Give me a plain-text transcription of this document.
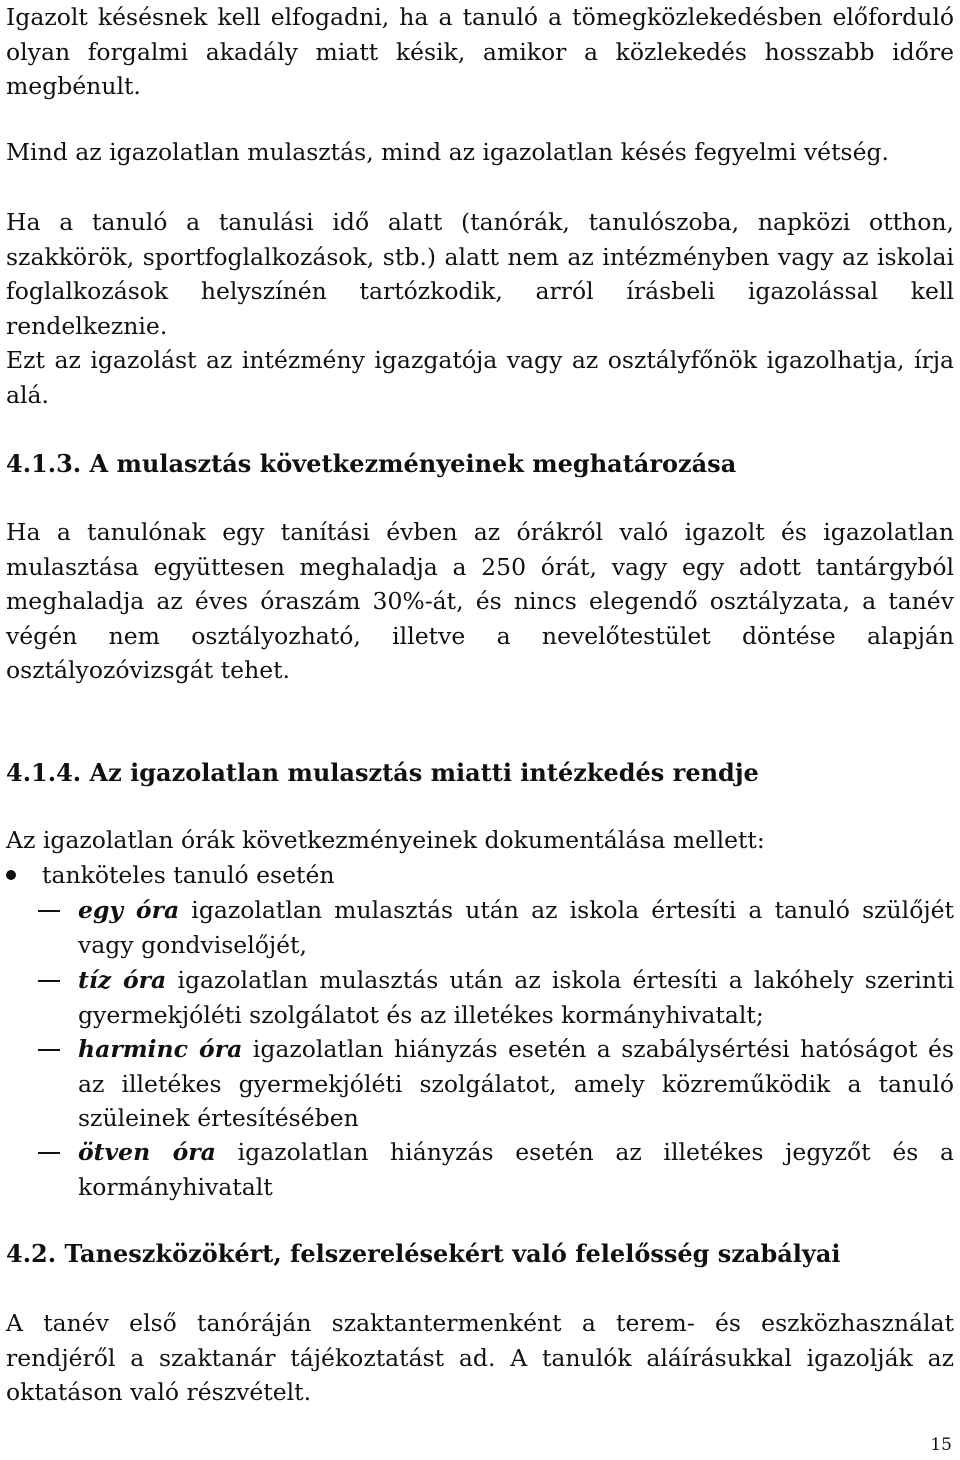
Igazolt késésnek kell elfogadni, ha a tanuló a tömegközlekedésben előforduló olyan forgalmi akadály miatt késik, amikor a közlekedés hosszabb időre megbénult.

Mind az igazolatlan mulasztás, mind az igazolatlan késés fegyelmi vétség.

Ha a tanuló a tanulási idő alatt (tanórák, tanulószoba, napközi otthon, szakkörök, sportfoglalkozások, stb.) alatt nem az intézményben vagy az iskolai foglalkozások helyszínén tartózkodik, arról írásbeli igazolással kell rendelkeznie.

Ezt az igazolást az intézmény igazgatója vagy az osztályfőnök igazolhatja, írja alá.

4.1.3. A mulasztás következményeinek meghatározása

Ha a tanulónak egy tanítási évben az órákról való igazolt és igazolatlan mulasztása együttesen meghaladja a 250 órát, vagy egy adott tantárgyból meghaladja az éves óraszám 30%-át, és nincs elegendő osztályzata, a tanév végén nem osztályozható, illetve a nevelőtestület döntése alapján osztályozóvizsgát tehet.

4.1.4. Az igazolatlan mulasztás miatti intézkedés rendje

Az igazolatlan órák következményeinek dokumentálása mellett:

tanköteles tanuló esetén
egy óra igazolatlan mulasztás után az iskola értesíti a tanuló szülőjét vagy gondviselőjét,
tíz óra igazolatlan mulasztás után az iskola értesíti a lakóhely szerinti gyermekjóléti szolgálatot és az illetékes kormányhivatalt;
harminc óra igazolatlan hiányzás esetén a szabálysértési hatóságot és az illetékes gyermekjóléti szolgálatot, amely közreműködik a tanuló szüleinek értesítésében
ötven óra igazolatlan hiányzás esetén az illetékes jegyzőt és a kormányhivatalt
4.2. Taneszközökért, felszerelésekért való felelősség szabályai

A tanév első tanóráján szaktantermenként a terem- és eszközhasználat rendjéről a szaktanár tájékoztatást ad. A tanulók aláírásukkal igazolják az oktatáson való részvételt.

15
